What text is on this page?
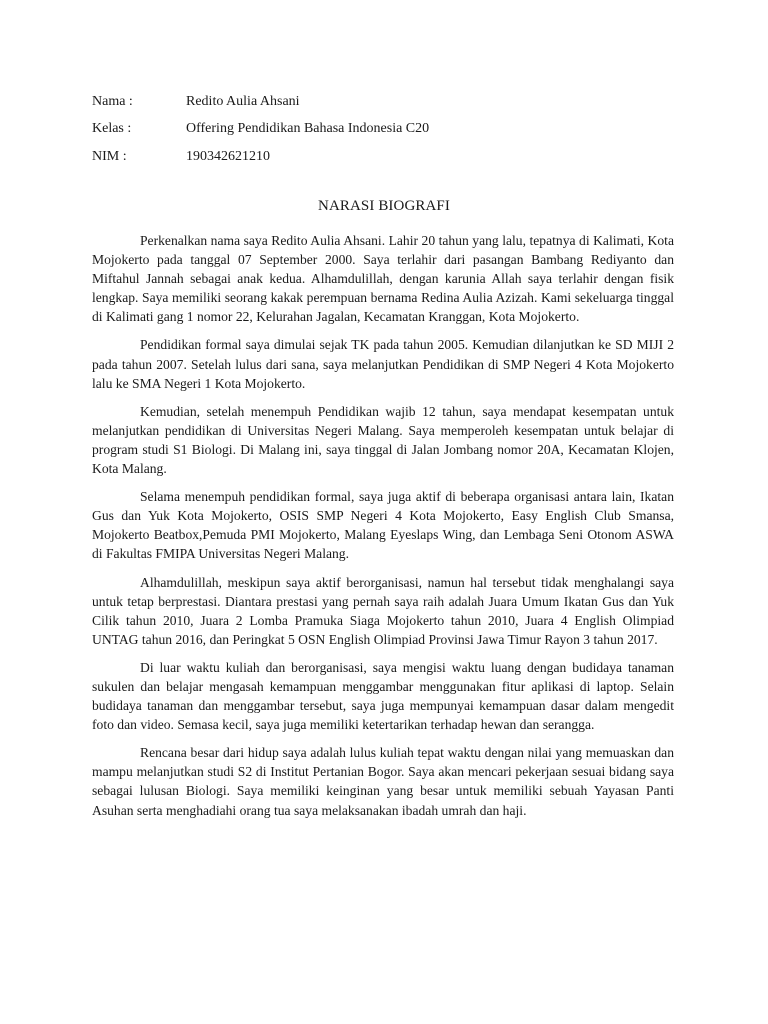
Nama :	Redito Aulia Ahsani
Kelas :	Offering Pendidikan Bahasa Indonesia C20
NIM :	190342621210
NARASI BIOGRAFI

Perkenalkan nama saya Redito Aulia Ahsani. Lahir 20 tahun yang lalu, tepatnya di Kalimati, Kota Mojokerto pada tanggal 07 September 2000. Saya terlahir dari pasangan Bambang Rediyanto dan Miftahul Jannah sebagai anak kedua. Alhamdulillah, dengan karunia Allah saya terlahir dengan fisik lengkap. Saya memiliki seorang kakak perempuan bernama Redina Aulia Azizah. Kami sekeluarga tinggal di Kalimati gang 1 nomor 22, Kelurahan Jagalan, Kecamatan Kranggan, Kota Mojokerto.

Pendidikan formal saya dimulai sejak TK pada tahun 2005. Kemudian dilanjutkan ke SD MIJI 2 pada tahun 2007. Setelah lulus dari sana, saya melanjutkan Pendidikan di SMP Negeri 4 Kota Mojokerto lalu ke SMA Negeri 1 Kota Mojokerto.

Kemudian, setelah menempuh Pendidikan wajib 12 tahun, saya mendapat kesempatan untuk melanjutkan pendidikan di Universitas Negeri Malang. Saya memperoleh kesempatan untuk belajar di program studi S1 Biologi. Di Malang ini, saya tinggal di Jalan Jombang nomor 20A, Kecamatan Klojen, Kota Malang.

Selama menempuh pendidikan formal, saya juga aktif di beberapa organisasi antara lain, Ikatan Gus dan Yuk Kota Mojokerto, OSIS SMP Negeri 4 Kota Mojokerto, Easy English Club Smansa, Mojokerto Beatbox,Pemuda PMI Mojokerto, Malang Eyeslaps Wing, dan Lembaga Seni Otonom ASWA di Fakultas FMIPA Universitas Negeri Malang.

Alhamdulillah, meskipun saya aktif berorganisasi, namun hal tersebut tidak menghalangi saya untuk tetap berprestasi. Diantara prestasi yang pernah saya raih adalah Juara Umum Ikatan Gus dan Yuk Cilik tahun 2010, Juara 2 Lomba Pramuka Siaga Mojokerto tahun 2010, Juara 4 English Olimpiad UNTAG tahun 2016, dan Peringkat 5 OSN English Olimpiad Provinsi Jawa Timur Rayon 3 tahun 2017.

Di luar waktu kuliah dan berorganisasi, saya mengisi waktu luang dengan budidaya tanaman sukulen dan belajar mengasah kemampuan menggambar menggunakan fitur aplikasi di laptop. Selain budidaya tanaman dan menggambar tersebut, saya juga mempunyai kemampuan dasar dalam mengedit foto dan video. Semasa kecil, saya juga memiliki ketertarikan terhadap hewan dan serangga.

Rencana besar dari hidup saya adalah lulus kuliah tepat waktu dengan nilai yang memuaskan dan mampu melanjutkan studi S2 di Institut Pertanian Bogor. Saya akan mencari pekerjaan sesuai bidang saya sebagai lulusan Biologi. Saya memiliki keinginan yang besar untuk memiliki sebuah Yayasan Panti Asuhan serta menghadiahi orang tua saya melaksanakan ibadah umrah dan haji.
